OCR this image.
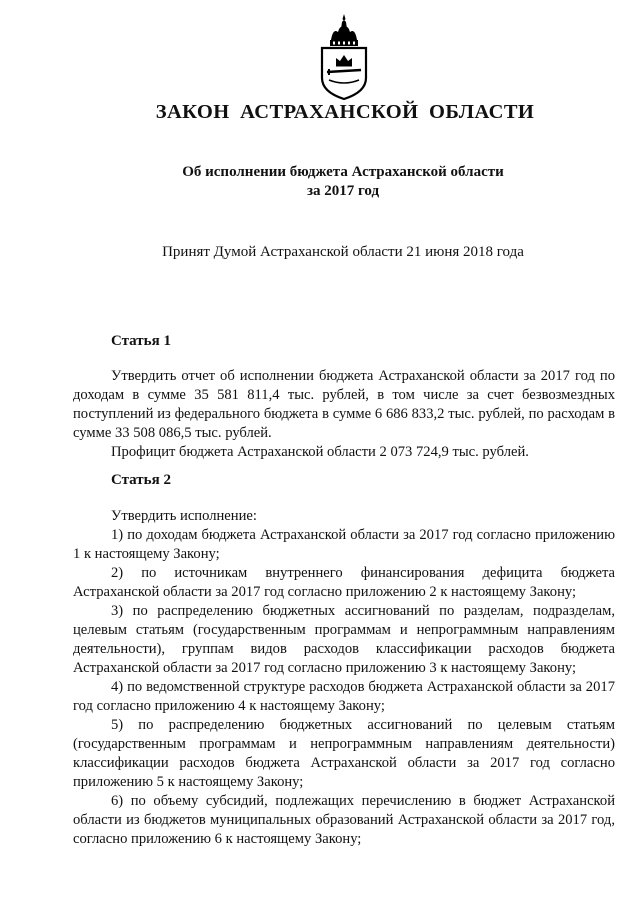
ЗАКОН АСТРАХАНСКОЙ ОБЛАСТИ
Об исполнении бюджета Астраханской области
за 2017 год
Принят Думой Астраханской области 21 июня 2018 года
Статья 1

Утвердить отчет об исполнении бюджета Астраханской области за 2017 год по доходам в сумме 35 581 811,4 тыс. рублей, в том числе за счет безвозмездных поступлений из федерального бюджета в сумме 6 686 833,2 тыс. рублей, по расходам в сумме 33 508 086,5 тыс. рублей.

Профицит бюджета Астраханской области 2 073 724,9 тыс. рублей.

Статья 2

Утвердить исполнение:

1) по доходам бюджета Астраханской области за 2017 год согласно приложению 1 к настоящему Закону;

2) по источникам внутреннего финансирования дефицита бюджета Астраханской области за 2017 год согласно приложению 2 к настоящему Закону;

3) по распределению бюджетных ассигнований по разделам, подразделам, целевым статьям (государственным программам и непрограммным направлениям деятельности), группам видов расходов классификации расходов бюджета Астраханской области за 2017 год согласно приложению 3 к настоящему Закону;

4) по ведомственной структуре расходов бюджета Астраханской области за 2017 год согласно приложению 4 к настоящему Закону;

5) по распределению бюджетных ассигнований по целевым статьям (государственным программам и непрограммным направлениям деятельности) классификации расходов бюджета Астраханской области за 2017 год согласно приложению 5 к настоящему Закону;

6) по объему субсидий, подлежащих перечислению в бюджет Астраханской области из бюджетов муниципальных образований Астраханской области за 2017 год, согласно приложению 6 к настоящему Закону;
